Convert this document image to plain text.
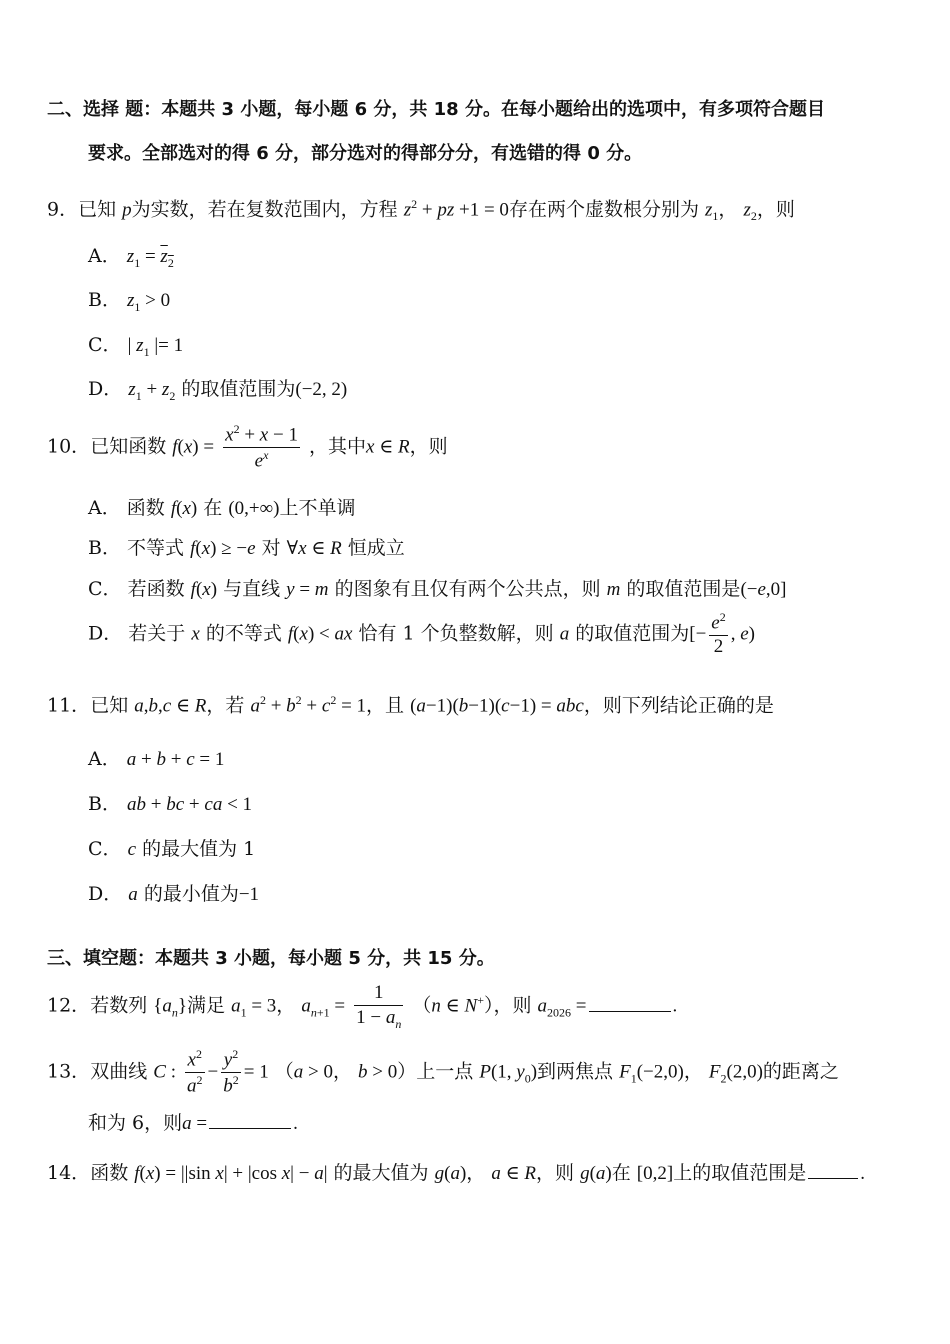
二、选择 题：本题共 3 小题，每小题 6 分，共 18 分。在每小题给出的选项中，有多项符合题目
要求。全部选对的得 6 分，部分选对的得部分分，有选错的得 0 分。
9．已知 p为实数，若在复数范围内，方程 $z^2$ + pz +1 = 0存在两个虚数根分别为 $z_1$， $z_2$，则
A． $z_1 = z_2$
B． $z_1 > 0$
C． | $z_1$ |= 1
D． $z_1 + z_2$ 的取值范围为(−2, 2)
10．已知函数 $f(x) = \frac{x^2 + x - 1}{e^x}$ ，其中x ∈ R，则
A． 函数 f(x) 在 (0,+∞)上不单调
B． 不等式 f(x) ≥ −e 对 ∀x ∈ R 恒成立
C． 若函数 f(x) 与直线 y = m 的图象有且仅有两个公共点，则 m 的取值范围是(−e,0]
D． 若关于 x 的不等式 f(x) < ax 恰有 1 个负整数解，则 a 的取值范围为[− $\frac{e^2}{2}$ , e)
11．已知 a,b,c ∈ R，若 $a^2 + b^2 + c^2 = 1$，且 (a−1)(b−1)(c−1) = abc，则下列结论正确的是
A． a + b + c = 1
B． ab + bc + ca < 1
C． c 的最大值为 1
D． a 的最小值为−1
三、填空题：本题共 3 小题，每小题 5 分，共 15 分。
12．若数列 $\{a_n\}$满足 $a_1 = 3$， $a_{n+1} = \frac{1}{1 - a_n} (n$ ∈ N+），则 $a_{2026}$ =	.
13．双曲线 C : $\frac{x^2}{a^2} - \frac{y^2}{b^2} = 1$ （a > 0， b > 0）上一点 P(1, $y_0$)到两焦点 $F_1(-2,0)$， $F_2(2,0)$的距离之
和为 6，则a =	.
14．函数 f(x) = ||sin x| + |cos x| − a| 的最大值为 g(a)， a ∈ R，则 g(a)在 [0,2]上的取值范围是	.
